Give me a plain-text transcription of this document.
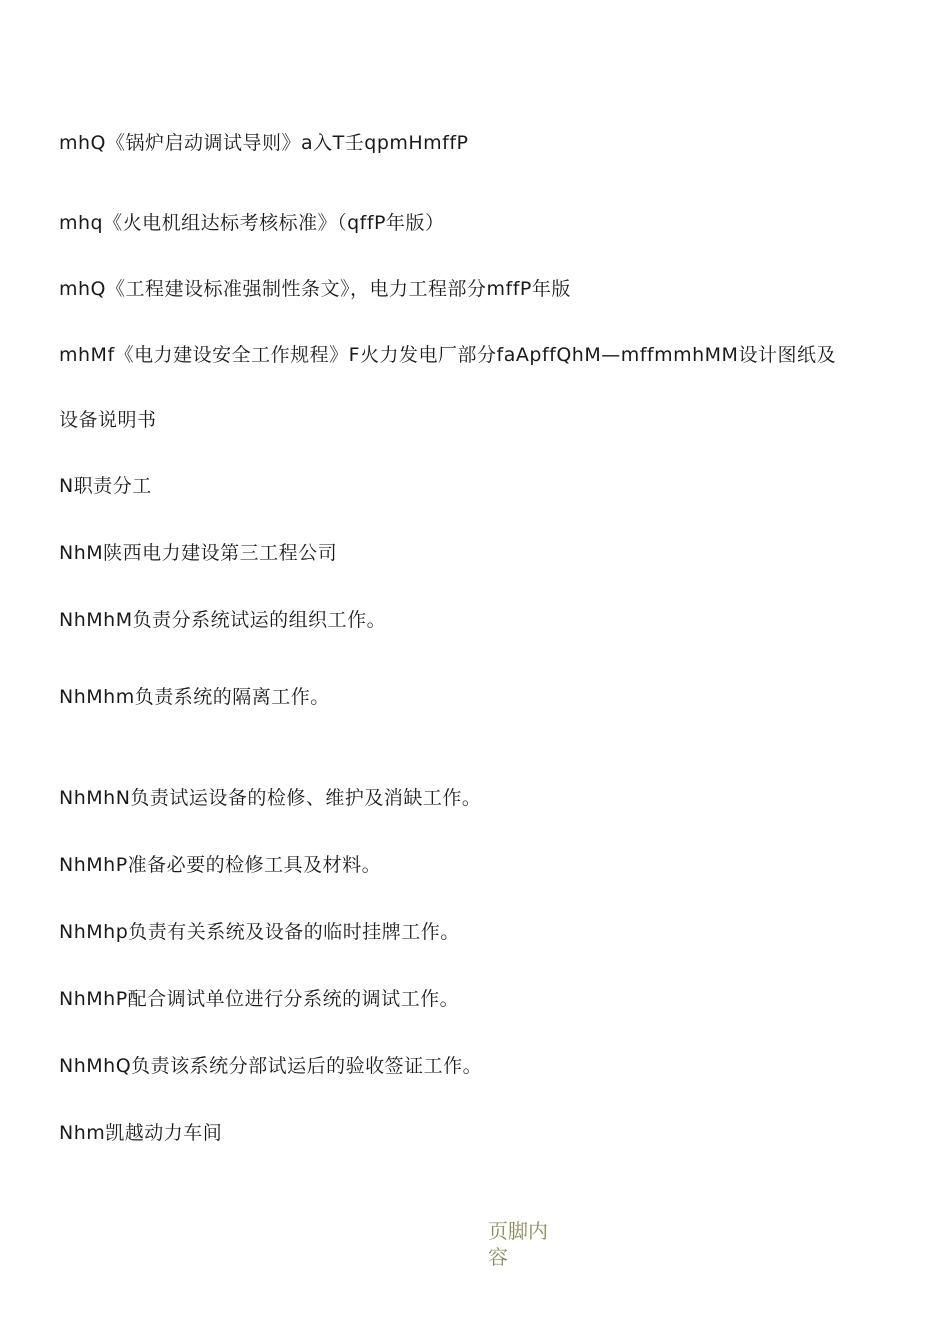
mhQ《锅炉启动调试导则》a入T壬qpmHmffP
mhq《火电机组达标考核标准》（qffP年版）
mhQ《工程建设标准强制性条文》，电力工程部分mffP年版
mhMf《电力建设安全工作规程》F火力发电厂部分faApffQhM—mffmmhMM设计图纸及
设备说明书
N职责分工
NhM陕西电力建设第三工程公司
NhMhM负责分系统试运的组织工作。
NhMhm负责系统的隔离工作。
NhMhN负责试运设备的检修、维护及消缺工作。
NhMhP准备必要的检修工具及材料。
NhMhp负责有关系统及设备的临时挂牌工作。
NhMhP配合调试单位进行分系统的调试工作。
NhMhQ负责该系统分部试运后的验收签证工作。
Nhm凯越动力车间
页脚内容
